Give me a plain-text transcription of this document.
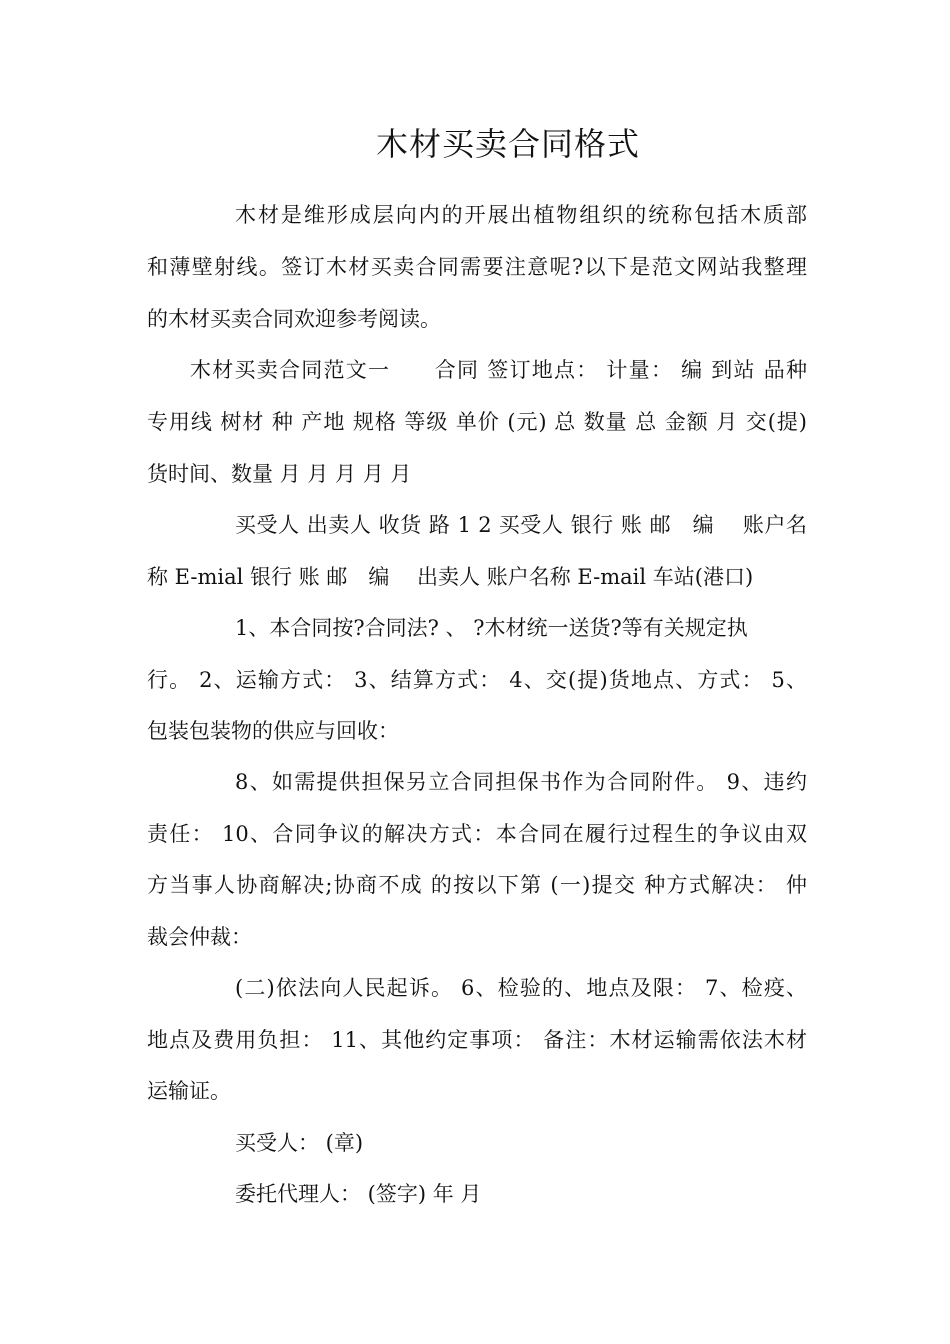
木材买卖合同格式
木材是维形成层向内的开展出植物组织的统称包括木质部
和薄壁射线。签订木材买卖合同需要注意呢?以下是范文网站我整理
的木材买卖合同欢迎参考阅读。
木材买卖合同范文一　　合同 签订地点： 计量： 编 到站 品种
专用线 树材 种 产地 规格 等级 单价 (元) 总 数量 总 金额 月 交(提)
货时间、数量 月 月 月 月 月
买受人 出卖人 收货 路 1 2 买受人 银行 账 邮　编　 账户名
称 E-mial 银行 账 邮　编　 出卖人 账户名称 E-mail 车站(港口)
1、本合同按?合同法? 、 ?木材统一送货?等有关规定执
行。 2、运输方式： 3、结算方式： 4、交(提)货地点、方式： 5、
包装包装物的供应与回收：
8、如需提供担保另立合同担保书作为合同附件。 9、违约
责任： 10、合同争议的解决方式：本合同在履行过程生的争议由双
方当事人协商解决;协商不成 的按以下第 (一)提交 种方式解决： 仲
裁会仲裁：
(二)依法向人民起诉。 6、检验的、地点及限： 7、检疫、
地点及费用负担： 11、其他约定事项： 备注：木材运输需依法木材
运输证。
买受人： (章)
委托代理人： (签字) 年 月
